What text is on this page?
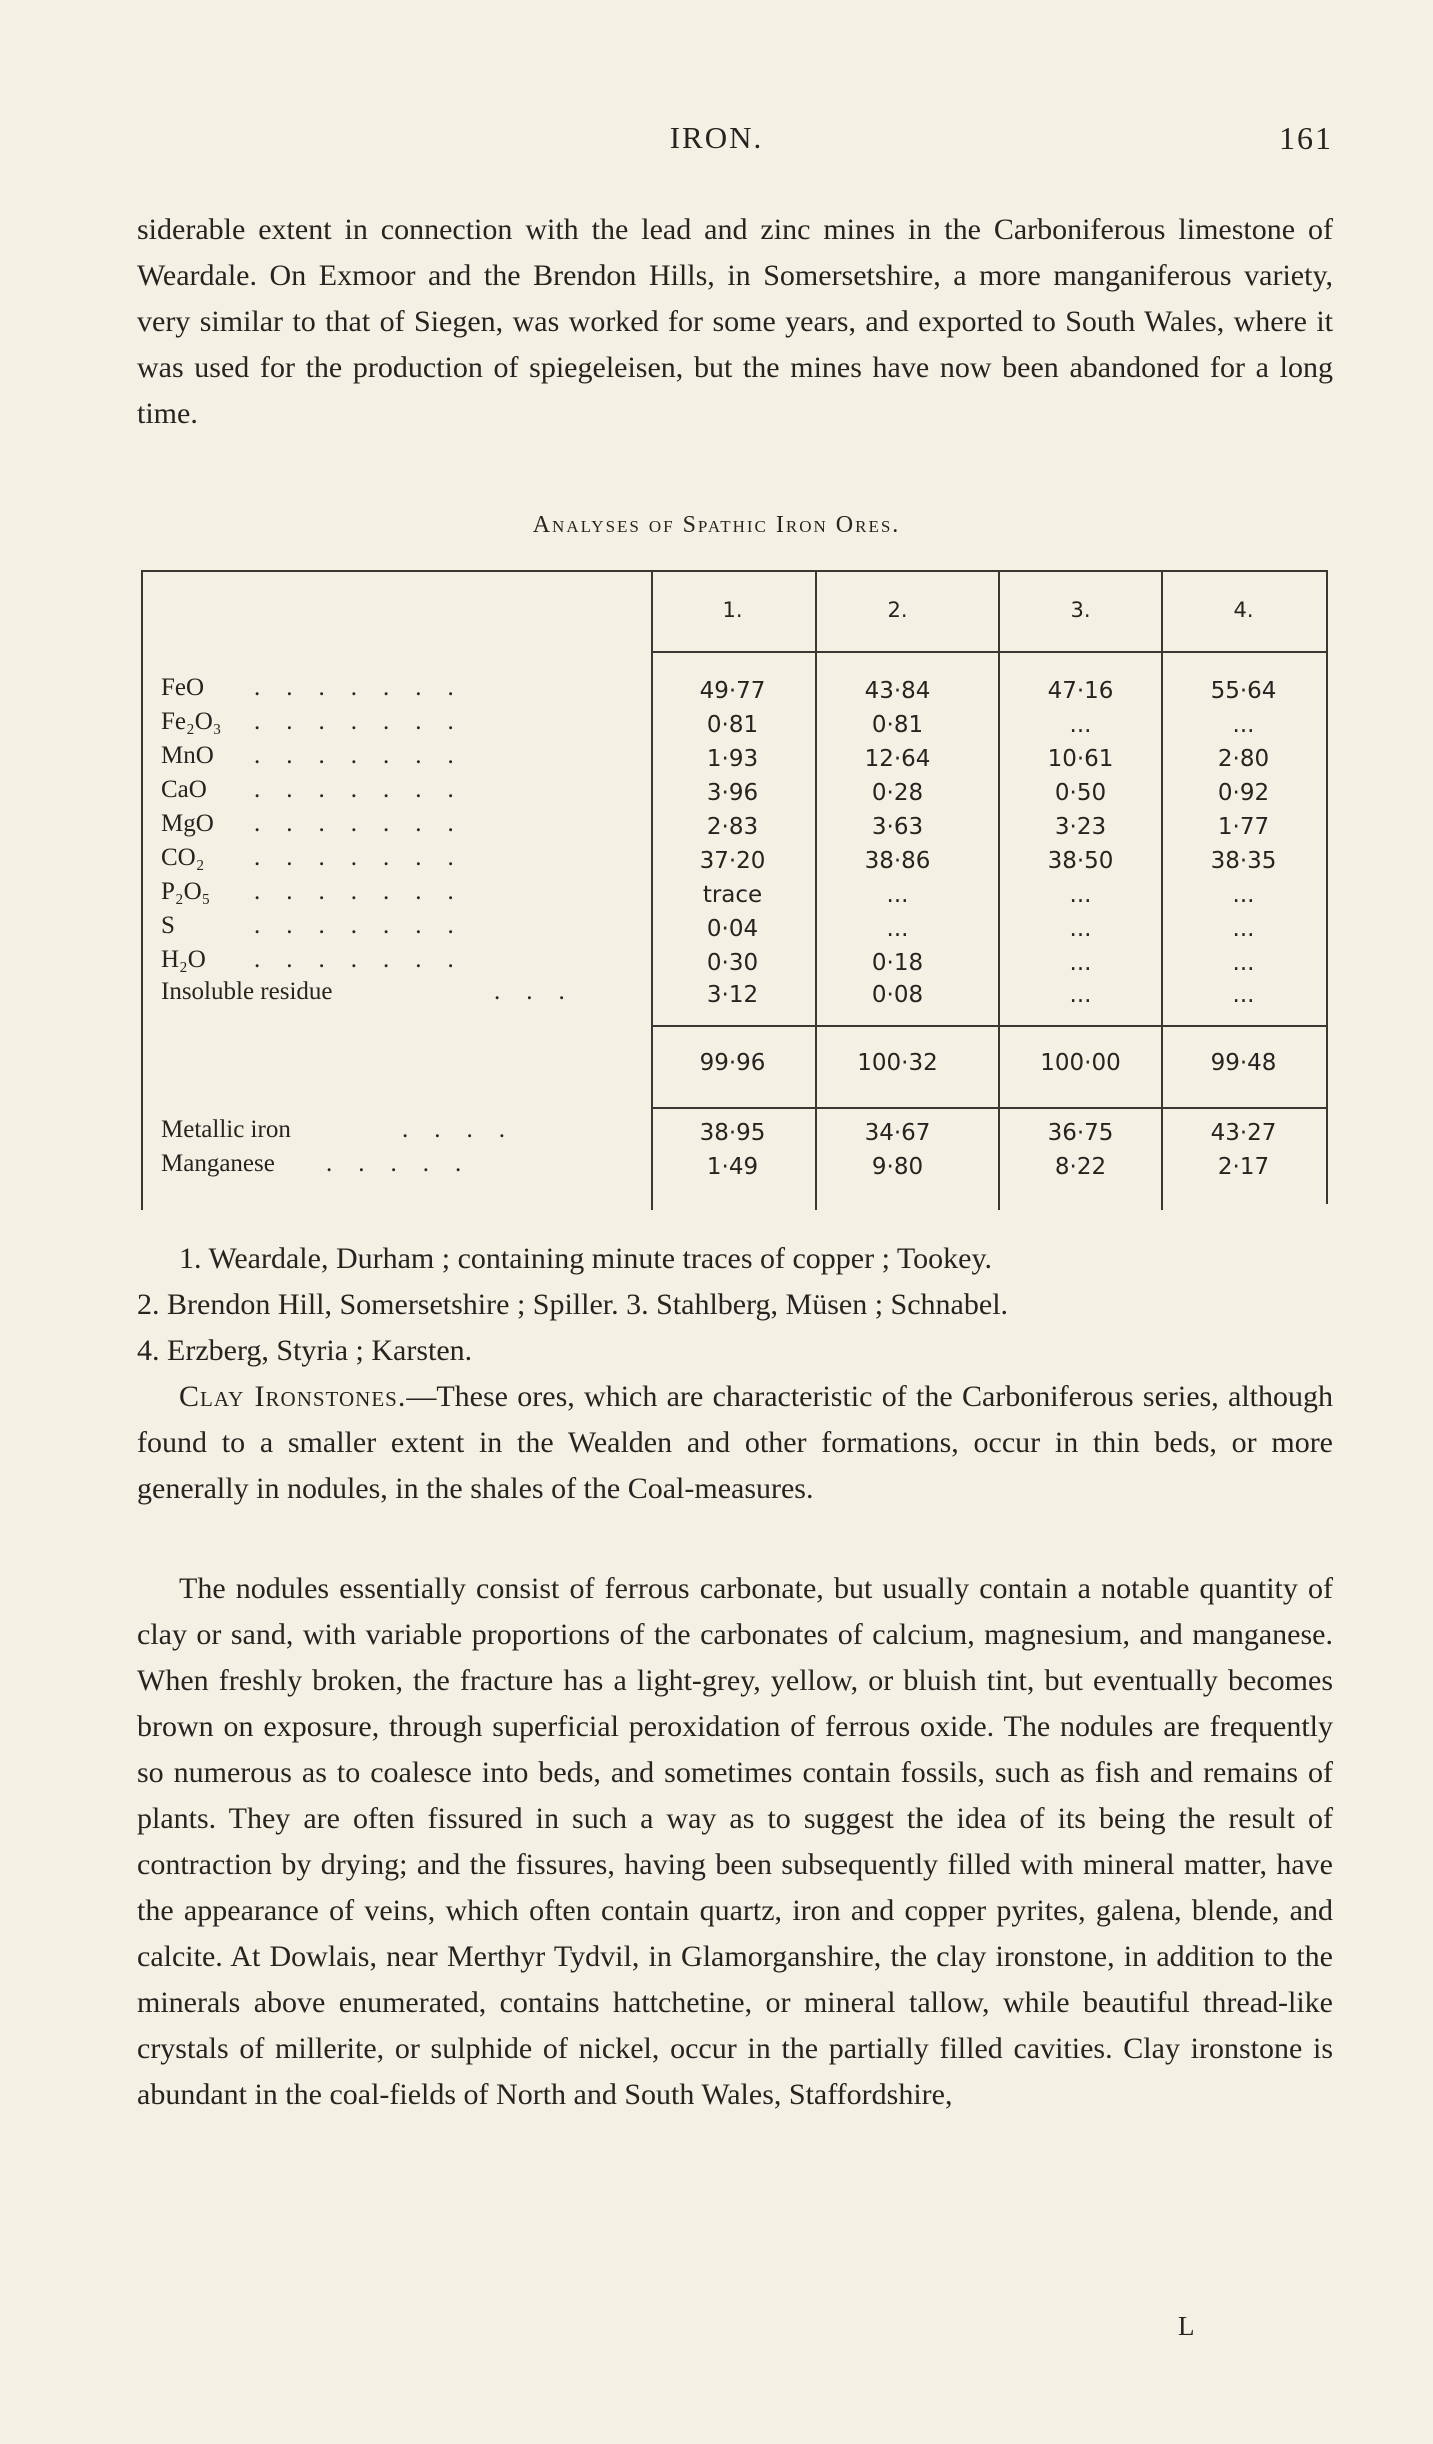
IRON.	161
siderable extent in connection with the lead and zinc mines in the Carboniferous limestone of Weardale. On Exmoor and the Brendon Hills, in Somersetshire, a more manganiferous variety, very similar to that of Siegen, was worked for some years, and exported to South Wales, where it was used for the production of spiegeleisen, but the mines have now been abandoned for a long time.
Analyses of Spathic Iron Ores.
1.	2.	3.	4.
FeO .......	49·77	43·84	47·16	55·64
Fe₂O₃ .......	0·81	0·81	...	...
MnO .......	1·93	12·64	10·61	2·80
CaO .......	3·96	0·28	0·50	0·92
MgO .......	2·83	3·63	3·23	1·77
CO₂ .......	37·20	38·86	38·50	38·35
P₂O₅ .......	trace	...	...	...
S	.......	0·04	...	...	...
H₂O .......	0·30	0·18	...	...
Insoluble residue	...	3·12	0·08	...	...
99·96	100·32	100·00	99·48
Metallic iron	....	38·95	34·67	36·75	43·27
Manganese .....	1·49	9·80	8·22	2·17
1. Weardale, Durham ; containing minute traces of copper ; Tookey.
2. Brendon Hill, Somersetshire ; Spiller. 3. Stahlberg, Müsen ; Schnabel.
4. Erzberg, Styria ; Karsten.
Clay Ironstones.—These ores, which are characteristic of the Carboniferous series, although found to a smaller extent in the Wealden and other formations, occur in thin beds, or more generally in nodules, in the shales of the Coal-measures.
The nodules essentially consist of ferrous carbonate, but usually contain a notable quantity of clay or sand, with variable proportions of the carbonates of calcium, magnesium, and manganese. When freshly broken, the fracture has a light-grey, yellow, or bluish tint, but eventually becomes brown on exposure, through superficial peroxidation of ferrous oxide. The nodules are frequently so numerous as to coalesce into beds, and sometimes contain fossils, such as fish and remains of plants. They are often fissured in such a way as to suggest the idea of its being the result of contraction by drying; and the fissures, having been subsequently filled with mineral matter, have the appearance of veins, which often contain quartz, iron and copper pyrites, galena, blende, and calcite. At Dowlais, near Merthyr Tydvil, in Glamorganshire, the clay ironstone, in addition to the minerals above enumerated, contains hattchetine, or mineral tallow, while beautiful thread-like crystals of millerite, or sulphide of nickel, occur in the partially filled cavities. Clay ironstone is abundant in the coal-fields of North and South Wales, Staffordshire,
L
